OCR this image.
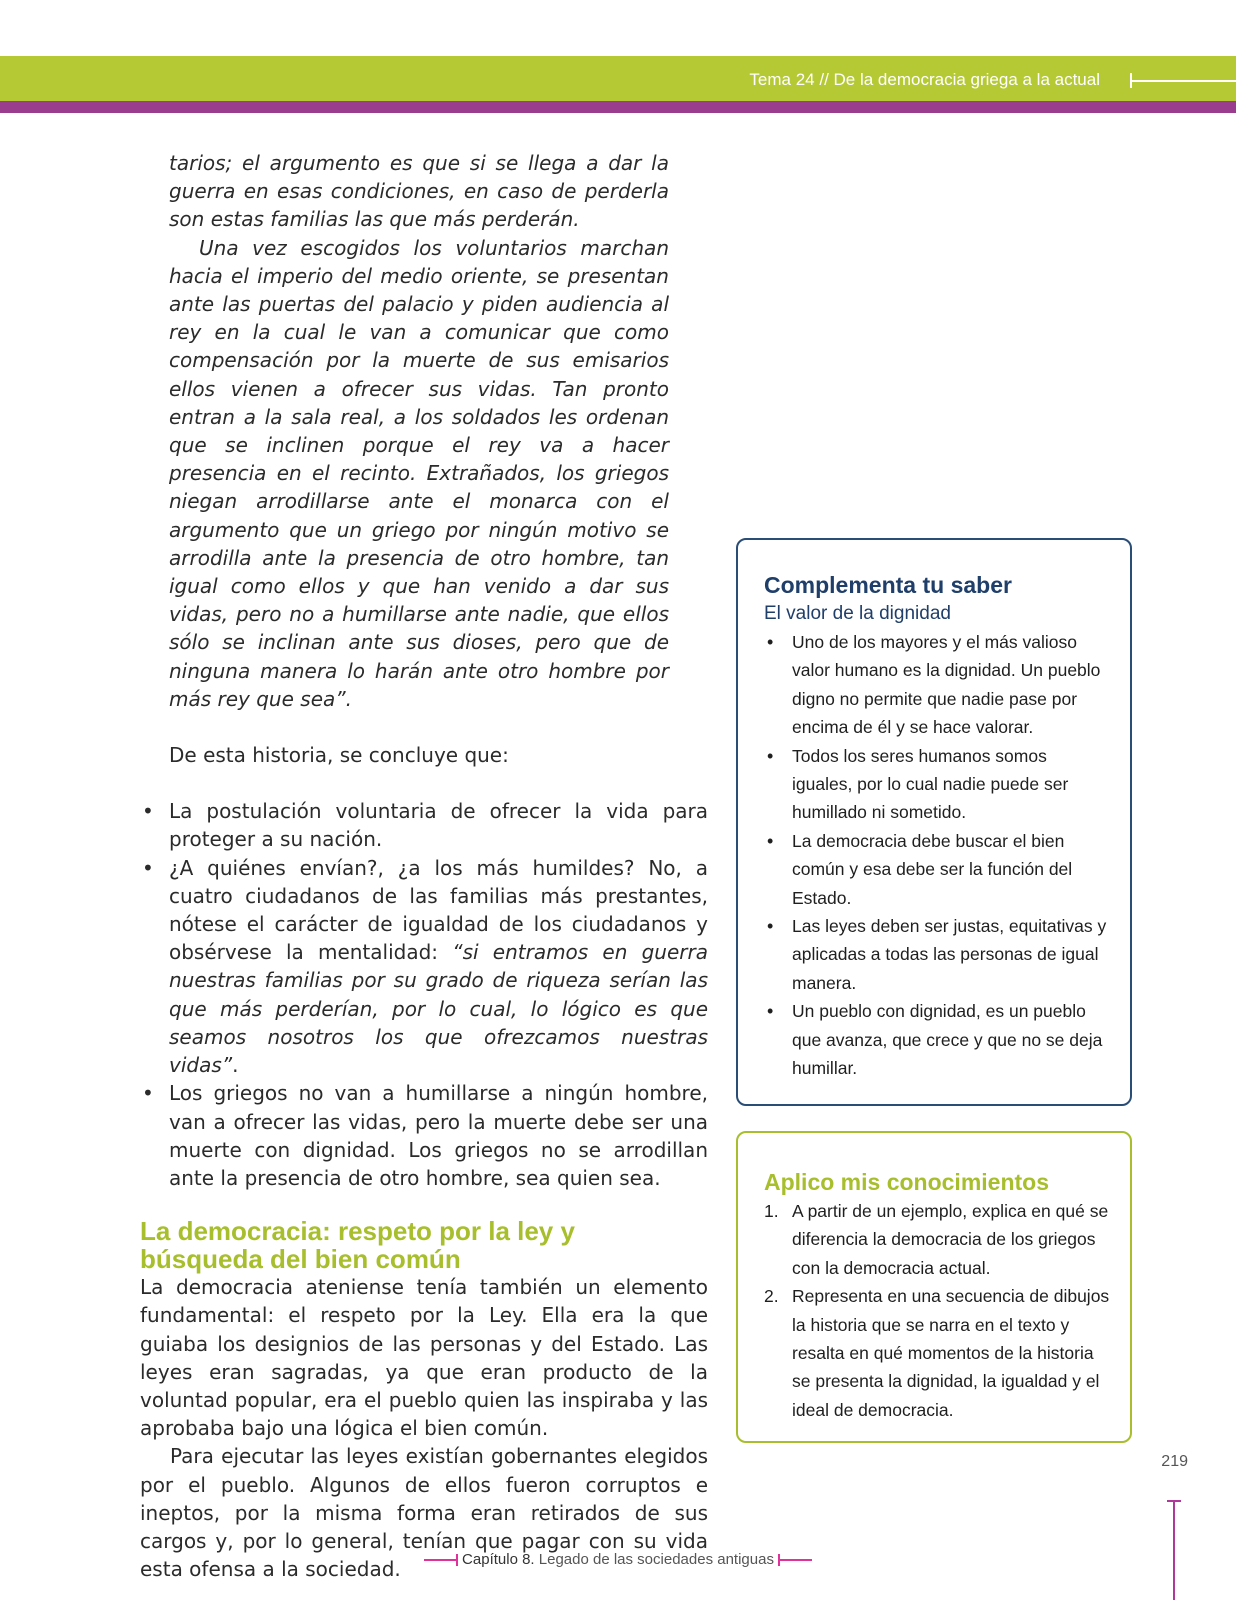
Tema 24 // De la democracia griega a la actual

tarios; el argumento es que si se llega a dar la guerra en esas condiciones, en caso de perderla son estas familias las que más perderán.

Una vez escogidos los voluntarios marchan hacia el imperio del medio oriente, se presentan ante las puertas del palacio y piden audiencia al rey en la cual le van a comunicar que como compensación por la muerte de sus emisarios ellos vienen a ofrecer sus vidas. Tan pronto entran a la sala real, a los soldados les ordenan que se inclinen porque el rey va a hacer presencia en el recinto. Extrañados, los griegos niegan arrodillarse ante el monarca con el argumento que un griego por ningún motivo se arrodilla ante la presencia de otro hombre, tan igual como ellos y que han venido a dar sus vidas, pero no a humillarse ante nadie, que ellos sólo se inclinan ante sus dioses, pero que de ninguna manera lo harán ante otro hombre por más rey que sea”.

De esta historia, se concluye que:

• La postulación voluntaria de ofrecer la vida para proteger a su nación.
• ¿A quiénes envían?, ¿a los más humildes? No, a cuatro ciudadanos de las familias más prestantes, nótese el carácter de igualdad de los ciudadanos y obsérvese la mentalidad: “si entramos en guerra nuestras familias por su grado de riqueza serían las que más perderían, por lo cual, lo lógico es que seamos nosotros los que ofrezcamos nuestras vidas”.
• Los griegos no van a humillarse a ningún hombre, van a ofrecer las vidas, pero la muerte debe ser una muerte con dignidad. Los griegos no se arrodillan ante la presencia de otro hombre, sea quien sea.
La democracia: respeto por la ley y
búsqueda del bien común

La democracia ateniense tenía también un elemento fundamental: el respeto por la Ley. Ella era la que guiaba los designios de las personas y del Estado. Las leyes eran sagradas, ya que eran producto de la voluntad popular, era el pueblo quien las inspiraba y las aprobaba bajo una lógica el bien común.

Para ejecutar las leyes existían gobernantes elegidos por el pueblo. Algunos de ellos fueron corruptos e ineptos, por la misma forma eran retirados de sus cargos y, por lo general, tenían que pagar con su vida esta ofensa a la sociedad.

Complementa tu saber
El valor de la dignidad
• Uno de los mayores y el más valioso valor humano es la dignidad. Un pueblo digno no permite que nadie pase por encima de él y se hace valorar.
• Todos los seres humanos somos iguales, por lo cual nadie puede ser humillado ni sometido.
• La democracia debe buscar el bien común y esa debe ser la función del Estado.
• Las leyes deben ser justas, equitativas y aplicadas a todas las personas de igual manera.
• Un pueblo con dignidad, es un pueblo que avanza, que crece y que no se deja humillar.
Aplico mis conocimientos
1. A partir de un ejemplo, explica en qué se diferencia la democracia de los griegos con la democracia actual.
2. Representa en una secuencia de dibujos la historia que se narra en el texto y resalta en qué momentos de la historia se presenta la dignidad, la igualdad y el ideal de democracia.
219
Capítulo 8. Legado de las sociedades antiguas
